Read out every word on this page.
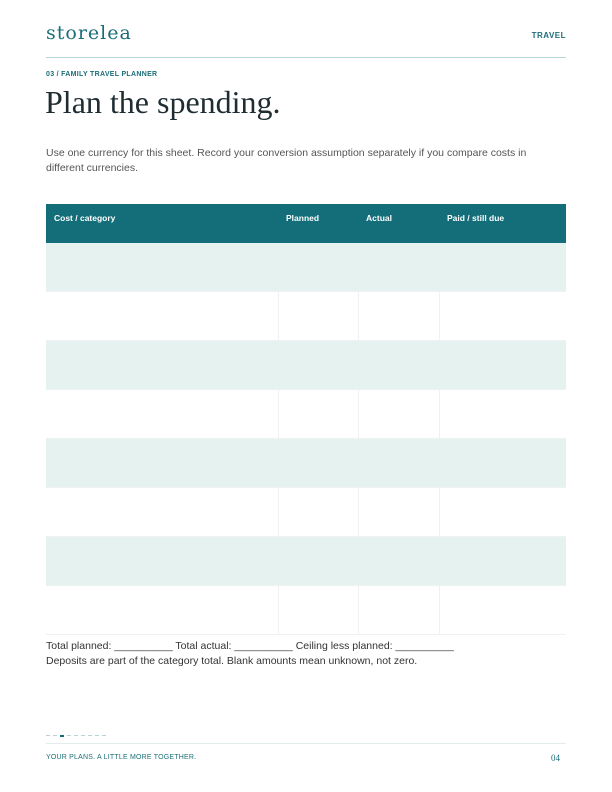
storelea	TRAVEL
03 / FAMILY TRAVEL PLANNER
Plan the spending.
Use one currency for this sheet. Record your conversion assumption separately if you compare costs in different currencies.
Cost / category	Planned	Actual	Paid / still due
Total planned: __________ Total actual: __________ Ceiling less planned: __________
Deposits are part of the category total. Blank amounts mean unknown, not zero.
YOUR PLANS. A LITTLE MORE TOGETHER.	04
